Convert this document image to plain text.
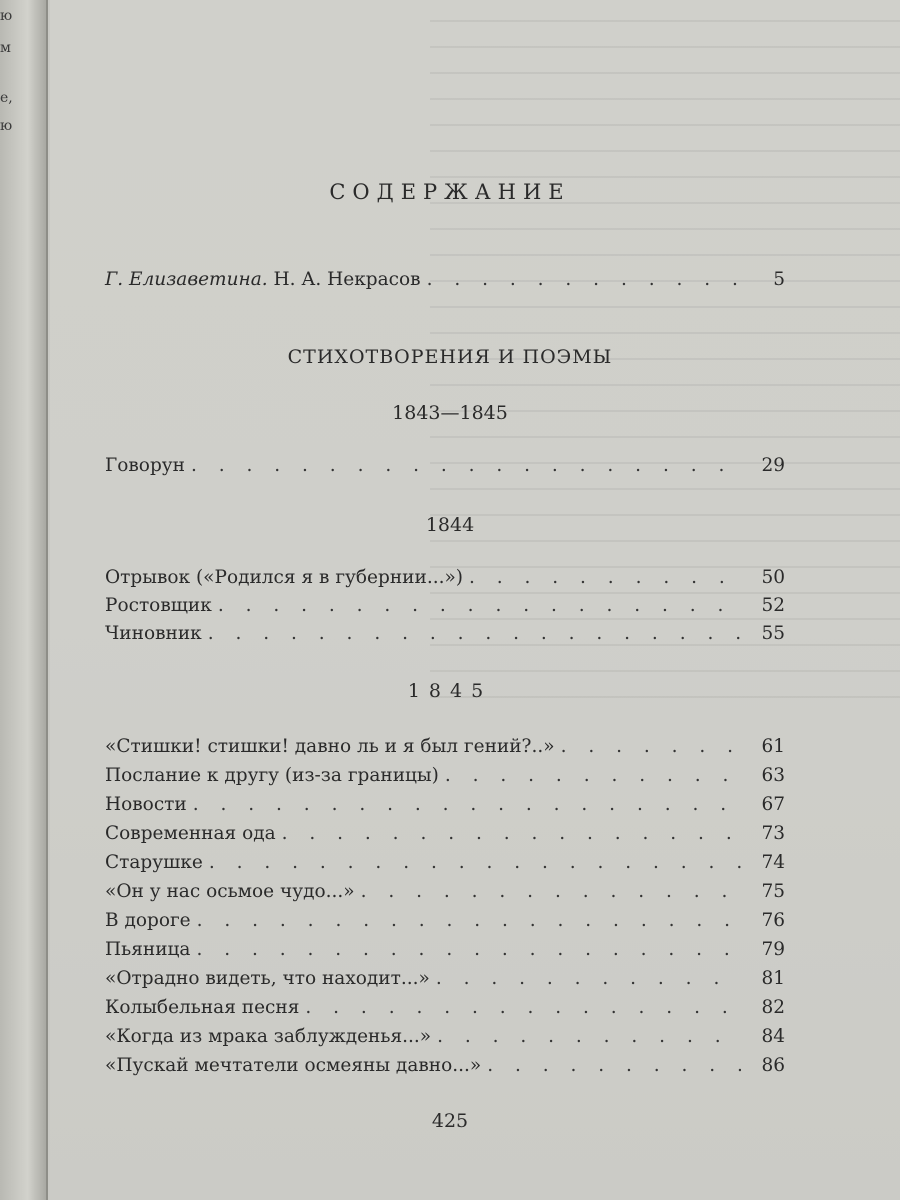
ю
м
е,
ю
СОДЕРЖАНИЕ
Г. Елизаветина. Н. А. Некрасов . . .	5
СТИХОТВОРЕНИЯ И ПОЭМЫ
1843—1845
Говорун . . .	29
1844
Отрывок («Родился я в губернии...») . . .	50
Ростовщик . . .	52
Чиновник . . .	55
1845
«Стишки! стишки! давно ль и я был гений?..» . . .	61
Послание к другу (из-за границы) . . .	63
Новости . . .	67
Современная ода . . .	73
Старушке . . .	74
«Он у нас осьмое чудо...» . . .	75
В дороге . . .	76
Пьяница . . .	79
«Отрадно видеть, что находит...» . . .	81
Колыбельная песня . . .	82
«Когда из мрака заблужденья...» . . .	84
«Пускай мечтатели осмеяны давно...» . . .	86
425
